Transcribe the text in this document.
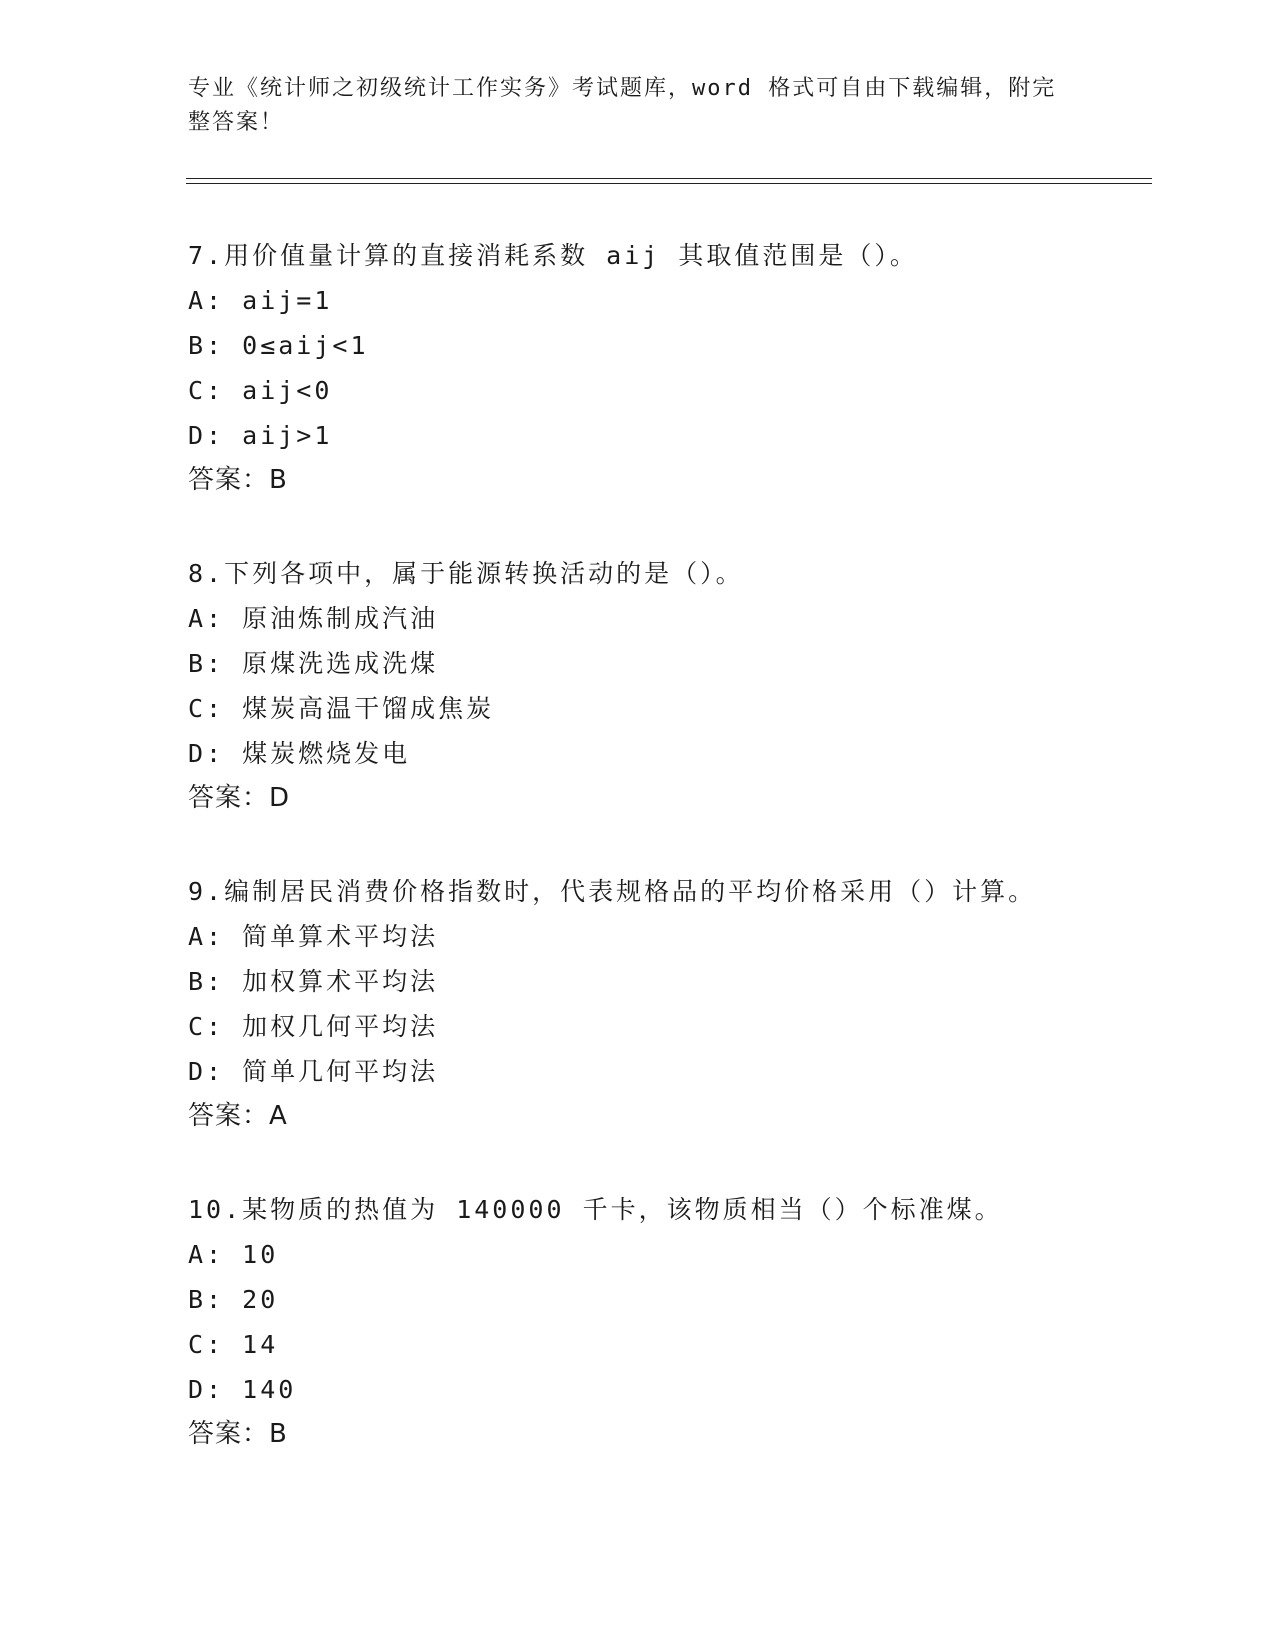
专业《统计师之初级统计工作实务》考试题库，word 格式可自由下载编辑，附完
整答案！
7.用价值量计算的直接消耗系数 aij 其取值范围是（）。
A: aij=1
B: 0≤aij<1
C: aij<0
D: aij>1
答案：B
8.下列各项中，属于能源转换活动的是（）。
A: 原油炼制成汽油
B: 原煤洗选成洗煤
C: 煤炭高温干馏成焦炭
D: 煤炭燃烧发电
答案：D
9.编制居民消费价格指数时，代表规格品的平均价格采用（）计算。
A: 简单算术平均法
B: 加权算术平均法
C: 加权几何平均法
D: 简单几何平均法
答案：A
10.某物质的热值为 140000 千卡，该物质相当（）个标准煤。
A: 10
B: 20
C: 14
D: 140
答案：B
